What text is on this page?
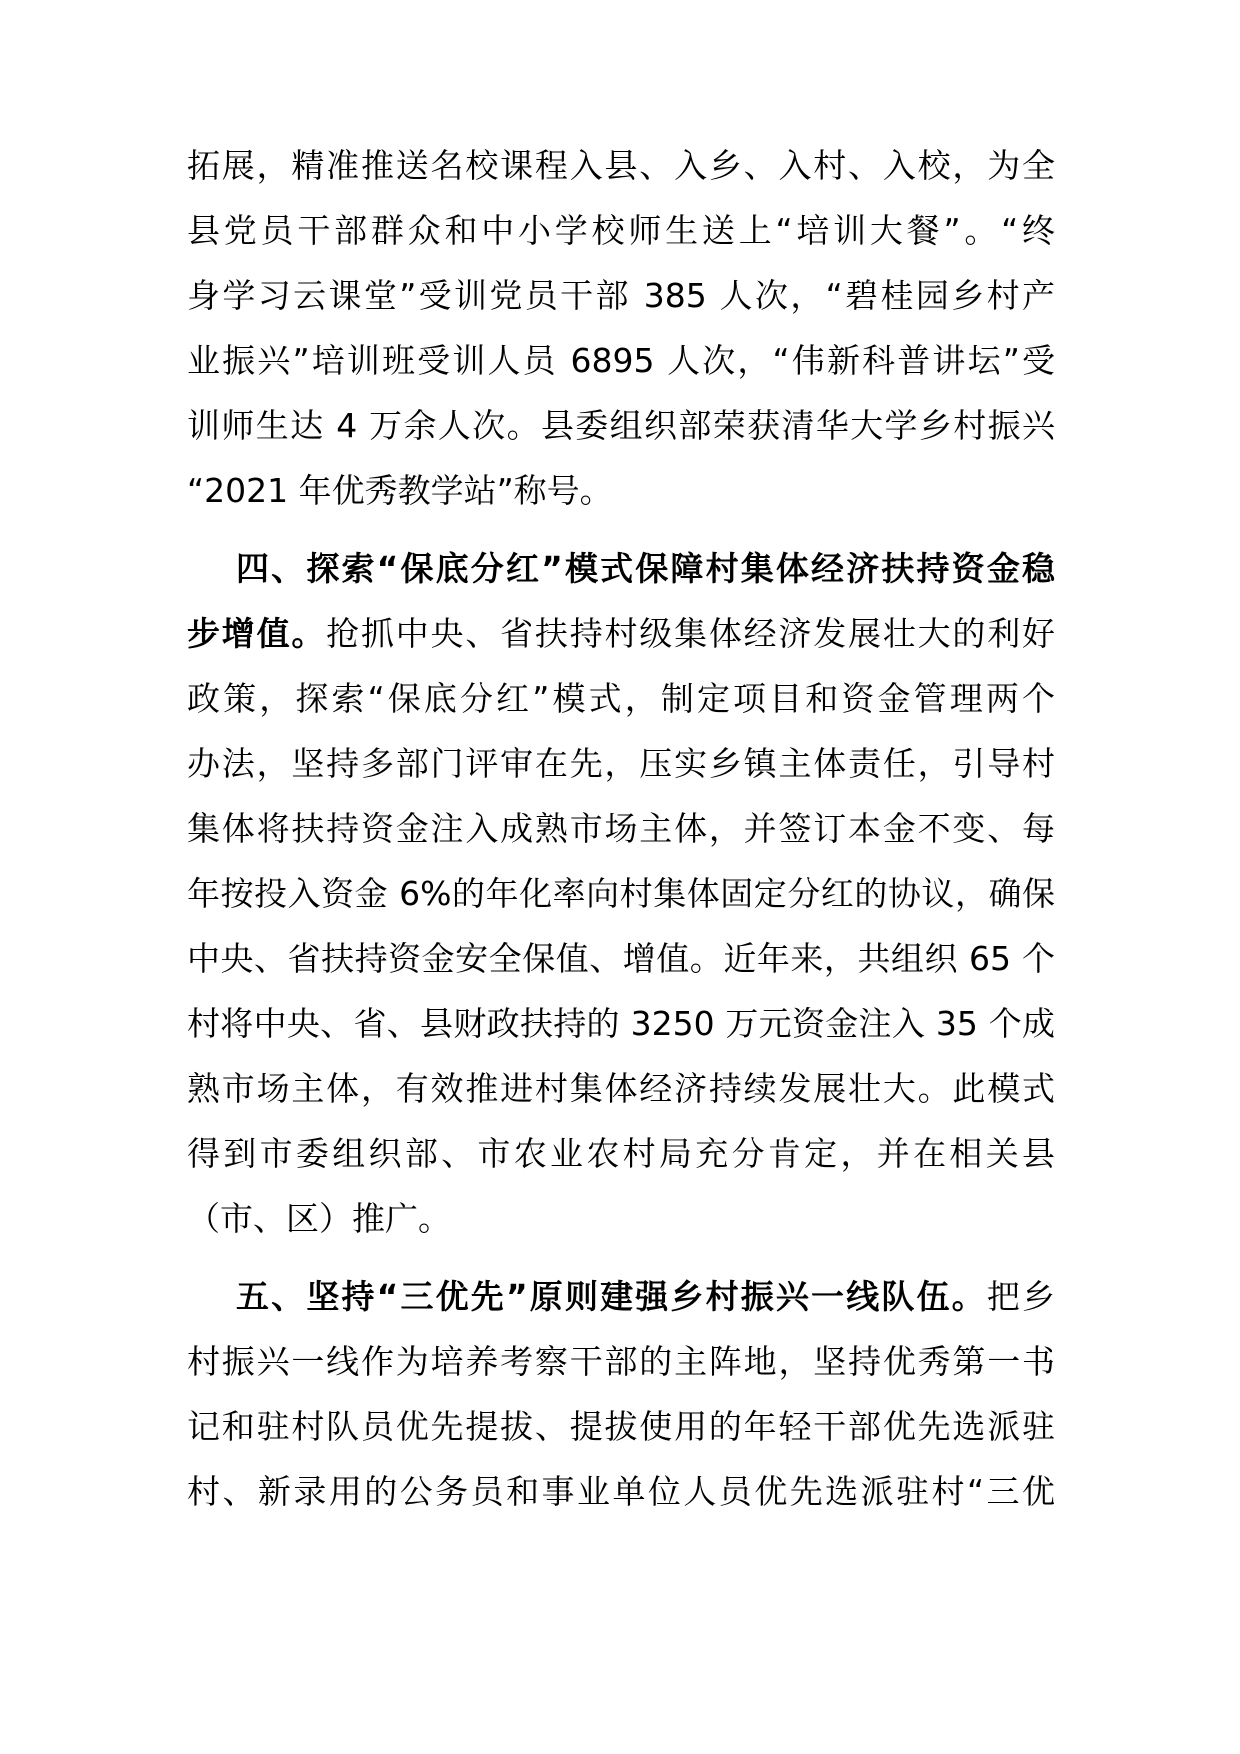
拓展，精准推送名校课程入县、入乡、入村、入校，为全
县党员干部群众和中小学校师生送上“培训大餐”。“终
身学习云课堂”受训党员干部 385 人次，“碧桂园乡村产
业振兴”培训班受训人员 6895 人次，“伟新科普讲坛”受
训师生达 4 万余人次。县委组织部荣获清华大学乡村振兴
“2021 年优秀教学站”称号。
四、探索“保底分红”模式保障村集体经济扶持资金稳
步增值。抢抓中央、省扶持村级集体经济发展壮大的利好
政策，探索“保底分红”模式，制定项目和资金管理两个
办法，坚持多部门评审在先，压实乡镇主体责任，引导村
集体将扶持资金注入成熟市场主体，并签订本金不变、每
年按投入资金 6%的年化率向村集体固定分红的协议，确保
中央、省扶持资金安全保值、增值。近年来，共组织 65 个
村将中央、省、县财政扶持的 3250 万元资金注入 35 个成
熟市场主体，有效推进村集体经济持续发展壮大。此模式
得到市委组织部、市农业农村局充分肯定，并在相关县
（市、区）推广。
五、坚持“三优先”原则建强乡村振兴一线队伍。把乡
村振兴一线作为培养考察干部的主阵地，坚持优秀第一书
记和驻村队员优先提拔、提拔使用的年轻干部优先选派驻
村、新录用的公务员和事业单位人员优先选派驻村“三优
